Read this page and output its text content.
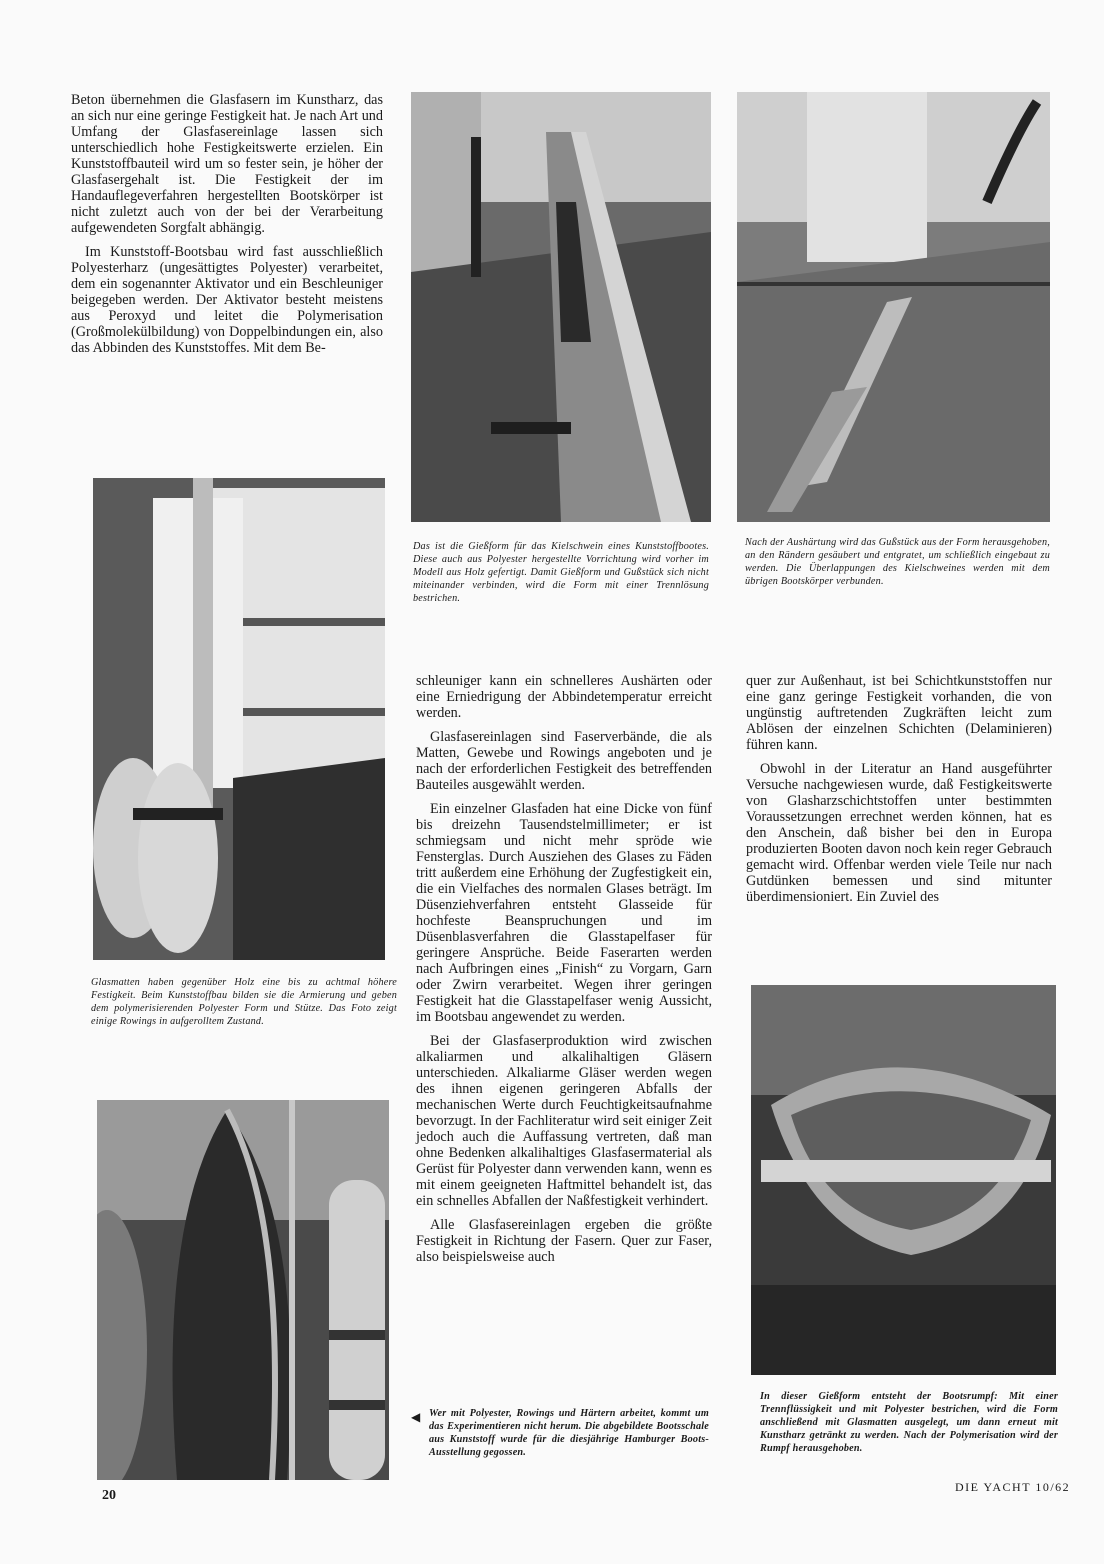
Beton übernehmen die Glasfasern im Kunstharz, das an sich nur eine geringe Festigkeit hat. Je nach Art und Umfang der Glasfasereinlage lassen sich unterschiedlich hohe Festigkeitswerte erzielen. Ein Kunststoffbauteil wird um so fester sein, je höher der Glasfasergehalt ist. Die Festigkeit der im Handauflegeverfahren hergestellten Bootskörper ist nicht zuletzt auch von der bei der Verarbeitung aufgewendeten Sorgfalt abhängig.

Im Kunststoff-Bootsbau wird fast ausschließlich Polyesterharz (ungesättigtes Polyester) verarbeitet, dem ein sogenannter Aktivator und ein Beschleuniger beigegeben werden. Der Aktivator besteht meistens aus Peroxyd und leitet die Polymerisation (Großmolekülbildung) von Doppelbindungen ein, also das Abbinden des Kunststoffes. Mit dem Be-

Das ist die Gießform für das Kielschwein eines Kunststoffbootes. Diese auch aus Polyester hergestellte Vorrichtung wird vorher im Modell aus Holz gefertigt. Damit Gießform und Gußstück sich nicht miteinander verbinden, wird die Form mit einer Trennlösung bestrichen.
Nach der Aushärtung wird das Gußstück aus der Form herausgehoben, an den Rändern gesäubert und entgratet, um schließlich eingebaut zu werden. Die Überlappungen des Kielschweines werden mit dem übrigen Bootskörper verbunden.
Glasmatten haben gegenüber Holz eine bis zu achtmal höhere Festigkeit. Beim Kunststoffbau bilden sie die Armierung und geben dem polymerisierenden Polyester Form und Stütze. Das Foto zeigt einige Rowings in aufgerolltem Zustand.

schleuniger kann ein schnelleres Aushärten oder eine Erniedrigung der Abbindetemperatur erreicht werden.

Glasfasereinlagen sind Faserverbände, die als Matten, Gewebe und Rowings angeboten und je nach der erforderlichen Festigkeit des betreffenden Bauteiles ausgewählt werden.

Ein einzelner Glasfaden hat eine Dicke von fünf bis dreizehn Tausendstelmillimeter; er ist schmiegsam und nicht mehr spröde wie Fensterglas. Durch Ausziehen des Glases zu Fäden tritt außerdem eine Erhöhung der Zugfestigkeit ein, die ein Vielfaches des normalen Glases beträgt. Im Düsenziehverfahren entsteht Glasseide für hochfeste Beanspruchungen und im Düsenblasverfahren die Glasstapelfaser für geringere Ansprüche. Beide Faserarten werden nach Aufbringen eines „Finish“ zu Vorgarn, Garn oder Zwirn verarbeitet. Wegen ihrer geringen Festigkeit hat die Glasstapelfaser wenig Aussicht, im Bootsbau angewendet zu werden.

Bei der Glasfaserproduktion wird zwischen alkaliarmen und alkalihaltigen Gläsern unterschieden. Alkaliarme Gläser werden wegen des ihnen eigenen geringeren Abfalls der mechanischen Werte durch Feuchtigkeitsaufnahme bevorzugt. In der Fachliteratur wird seit einiger Zeit jedoch auch die Auffassung vertreten, daß man ohne Bedenken alkalihaltiges Glasfasermaterial als Gerüst für Polyester dann verwenden kann, wenn es mit einem geeigneten Haftmittel behandelt ist, das ein schnelles Abfallen der Naßfestigkeit verhindert.

Alle Glasfasereinlagen ergeben die größte Festigkeit in Richtung der Fasern. Quer zur Faser, also beispielsweise auch

quer zur Außenhaut, ist bei Schichtkunststoffen nur eine ganz geringe Festigkeit vorhanden, die von ungünstig auftretenden Zugkräften leicht zum Ablösen der einzelnen Schichten (Delaminieren) führen kann.

Obwohl in der Literatur an Hand ausgeführter Versuche nachgewiesen wurde, daß Festigkeitswerte von Glasharzschichtstoffen unter bestimmten Voraussetzungen errechnet werden können, hat es den Anschein, daß bisher bei den in Europa produzierten Booten davon noch kein reger Gebrauch gemacht wird. Offenbar werden viele Teile nur nach Gutdünken bemessen und sind mitunter überdimensioniert. Ein Zuviel des

◀ Wer mit Polyester, Rowings und Härtern arbeitet, kommt um das Experimentieren nicht herum. Die abgebildete Bootsschale aus Kunststoff wurde für die diesjährige Hamburger Boots-Ausstellung gegossen.
In dieser Gießform entsteht der Bootsrumpf: Mit einer Trennflüssigkeit und mit Polyester bestrichen, wird die Form anschließend mit Glasmatten ausgelegt, um dann erneut mit Kunstharz getränkt zu werden. Nach der Polymerisation wird der Rumpf herausgehoben.
20
DIE YACHT 10/62
